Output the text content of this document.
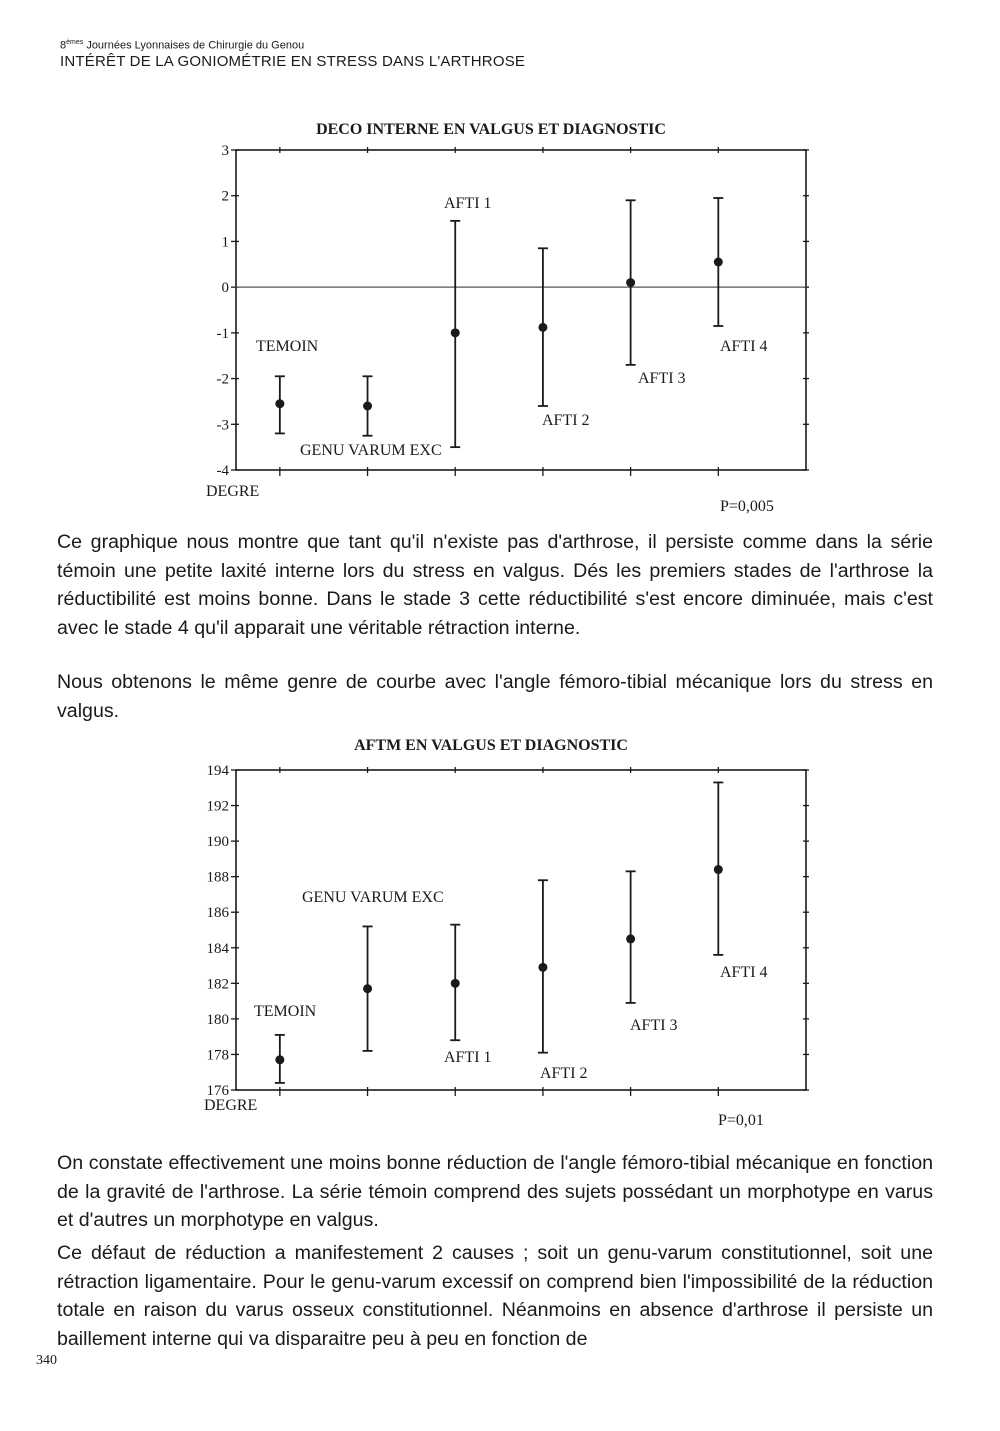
8èmes Journées Lyonnaises de Chirurgie du Genou
INTÉRÊT DE LA GONIOMÉTRIE EN STRESS DANS L'ARTHROSE
DECO INTERNE EN VALGUS ET DIAGNOSTIC
3
2
1
0
-1
-2
-3
-4
TEMOIN
GENU VARUM EXC
AFTI 1
AFTI 2
AFTI 3
AFTI 4
DEGRE
P=0,005

Ce graphique nous montre que tant qu'il n'existe pas d'arthrose, il persiste comme dans la série témoin une petite laxité interne lors du stress en valgus. Dés les premiers stades de l'arthrose la réductibilité est moins bonne. Dans le stade 3 cette réductibilité s'est encore diminuée, mais c'est avec le stade 4 qu'il apparait une véritable rétraction interne.

Nous obtenons le même genre de courbe avec l'angle fémoro-tibial mécanique lors du stress en valgus.

AFTM EN VALGUS ET DIAGNOSTIC
194
192
190
188
186
184
182
180
178
176
TEMOIN
GENU VARUM EXC
AFTI 1
AFTI 2
AFTI 3
AFTI 4
DEGRE
P=0,01

On constate effectivement une moins bonne réduction de l'angle fémoro-tibial mécanique en fonction de la gravité de l'arthrose. La série témoin comprend des sujets possédant un morphotype en varus et d'autres un morphotype en valgus.

Ce défaut de réduction a manifestement 2 causes ; soit un genu-varum constitutionnel, soit une rétraction ligamentaire. Pour le genu-varum excessif on comprend bien l'impossibilité de la réduction totale en raison du varus osseux constitutionnel. Néanmoins en absence d'arthrose il persiste un baillement interne qui va disparaitre peu à peu en fonction de

340
